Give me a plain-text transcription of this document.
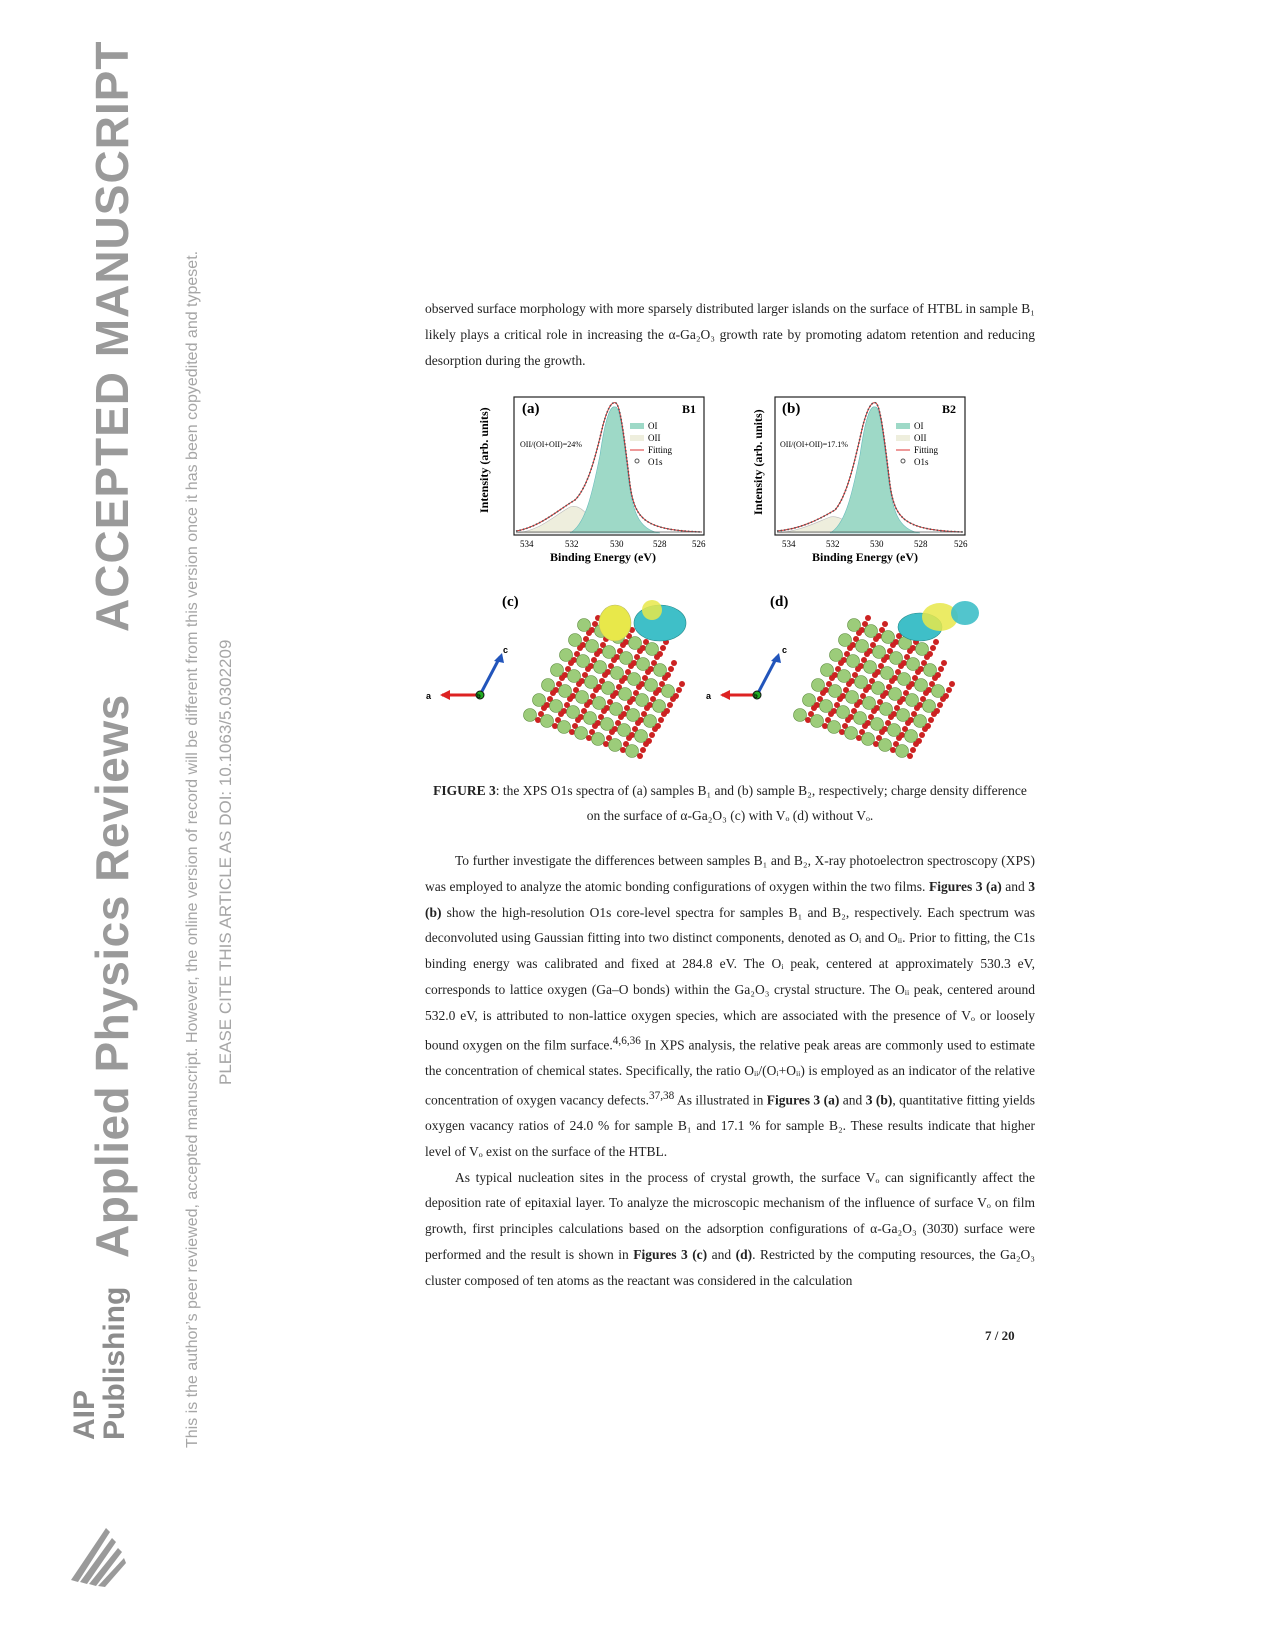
Applied Physics Reviews
ACCEPTED MANUSCRIPT	This is the author’s peer reviewed, accepted manuscript. However, the online version of record will be different from this version once it has been copyedited and typeset. PLEASE CITE THIS ARTICLE AS DOI: 10.1063/5.0302209
AIP
Publishing

observed surface morphology with more sparsely distributed larger islands on the surface of HTBL in sample B₁ likely plays a critical role in increasing the α-Ga₂O₃ growth rate by promoting adatom retention and reducing desorption during the growth.

(a)	B1
OII/(OI+OII)=24%
OI
OII
Fitting
O1s
Intensity (arb. units)
534	532	530	528	526
Binding Energy (eV)
(b)	B2
OII/(OI+OII)=17.1%
OI
OII
Fitting
O1s
Intensity (arb. units)
534	532	530	528	526
Binding Energy (eV)
(c)
a
c
b
(d)
a
c
b
FIGURE 3: the XPS O1s spectra of (a) samples B₁ and (b) sample B₂, respectively; charge density difference on the surface of α-Ga₂O₃ (c) with Vₒ (d) without Vₒ.

To further investigate the differences between samples B₁ and B₂, X-ray photoelectron spectroscopy (XPS) was employed to analyze the atomic bonding configurations of oxygen within the two films. Figures 3 (a) and 3 (b) show the high-resolution O1s core-level spectra for samples B₁ and B₂, respectively. Each spectrum was deconvoluted using Gaussian fitting into two distinct components, denoted as Oᵢ and Oᵢᵢ. Prior to fitting, the C1s binding energy was calibrated and fixed at 284.8 eV. The Oᵢ peak, centered at approximately 530.3 eV, corresponds to lattice oxygen (Ga–O bonds) within the Ga₂O₃ crystal structure. The Oᵢᵢ peak, centered around 532.0 eV, is attributed to non-lattice oxygen species, which are associated with the presence of Vₒ or loosely bound oxygen on the film surface.$^{4,6,36}$ In XPS analysis, the relative peak areas are commonly used to estimate the concentration of chemical states. Specifically, the ratio Oᵢᵢ/(Oᵢ+Oᵢᵢ) is employed as an indicator of the relative concentration of oxygen vacancy defects.$^{37,38}$ As illustrated in Figures 3 (a) and 3 (b), quantitative fitting yields oxygen vacancy ratios of 24.0 % for sample B₁ and 17.1 % for sample B₂. These results indicate that higher level of Vₒ exist on the surface of the HTBL.

As typical nucleation sites in the process of crystal growth, the surface Vₒ can significantly affect the deposition rate of epitaxial layer. To analyze the microscopic mechanism of the influence of surface Vₒ on film growth, first principles calculations based on the adsorption configurations of α-Ga₂O₃ (303̄0) surface were performed and the result is shown in Figures 3 (c) and (d). Restricted by the computing resources, the Ga₂O₃ cluster composed of ten atoms as the reactant was considered in the calculation

7 / 20
